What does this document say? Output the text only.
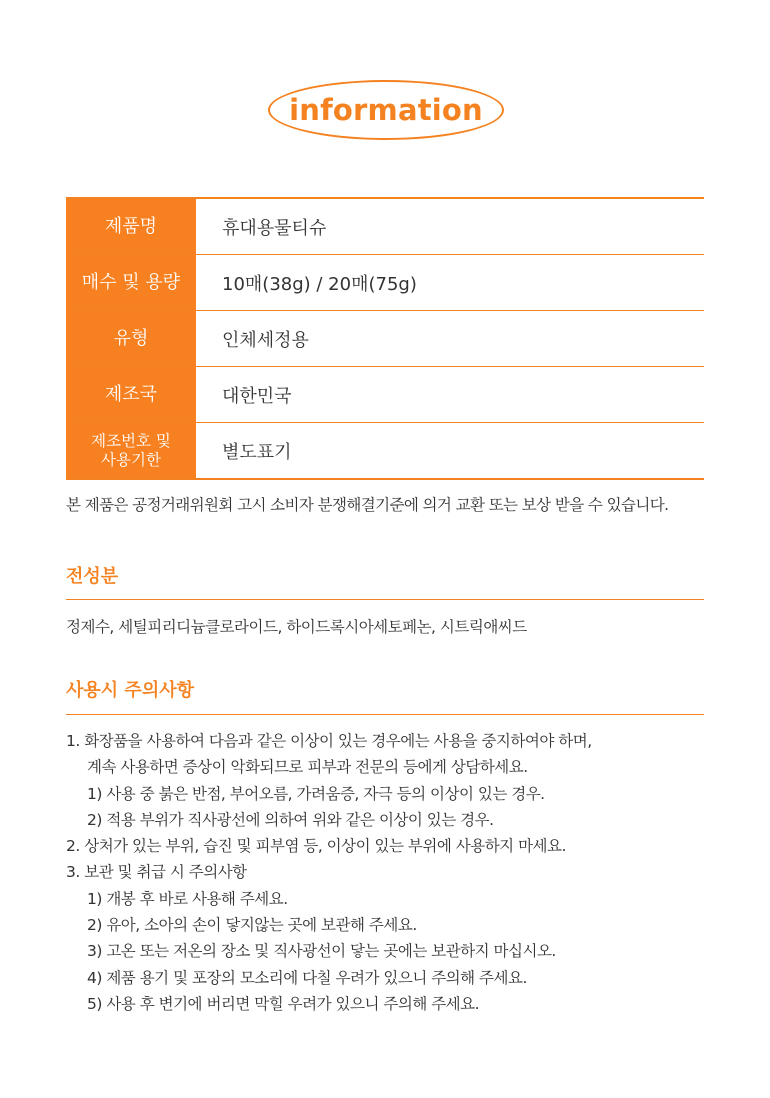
information
제품명	휴대용물티슈
매수 및 용량	10매(38g) / 20매(75g)
유형	인체세정용
제조국	대한민국
제조번호 및
사용기한	별도표기
본 제품은 공정거래위원회 고시 소비자 분쟁해결기준에 의거 교환 또는 보상 받을 수 있습니다.
전성분
정제수, 세틸피리디늄클로라이드, 하이드록시아세토페논, 시트릭애씨드
사용시 주의사항
1. 화장품을 사용하여 다음과 같은 이상이 있는 경우에는 사용을 중지하여야 하며,
계속 사용하면 증상이 악화되므로 피부과 전문의 등에게 상담하세요.
1) 사용 중 붉은 반점, 부어오름, 가려움증, 자극 등의 이상이 있는 경우.
2) 적용 부위가 직사광선에 의하여 위와 같은 이상이 있는 경우.
2. 상처가 있는 부위, 습진 및 피부염 등, 이상이 있는 부위에 사용하지 마세요.
3. 보관 및 취급 시 주의사항
1) 개봉 후 바로 사용해 주세요.
2) 유아, 소아의 손이 닿지않는 곳에 보관해 주세요.
3) 고온 또는 저온의 장소 및 직사광선이 닿는 곳에는 보관하지 마십시오.
4) 제품 용기 및 포장의 모소리에 다칠 우려가 있으니 주의해 주세요.
5) 사용 후 변기에 버리면 막힐 우려가 있으니 주의해 주세요.
